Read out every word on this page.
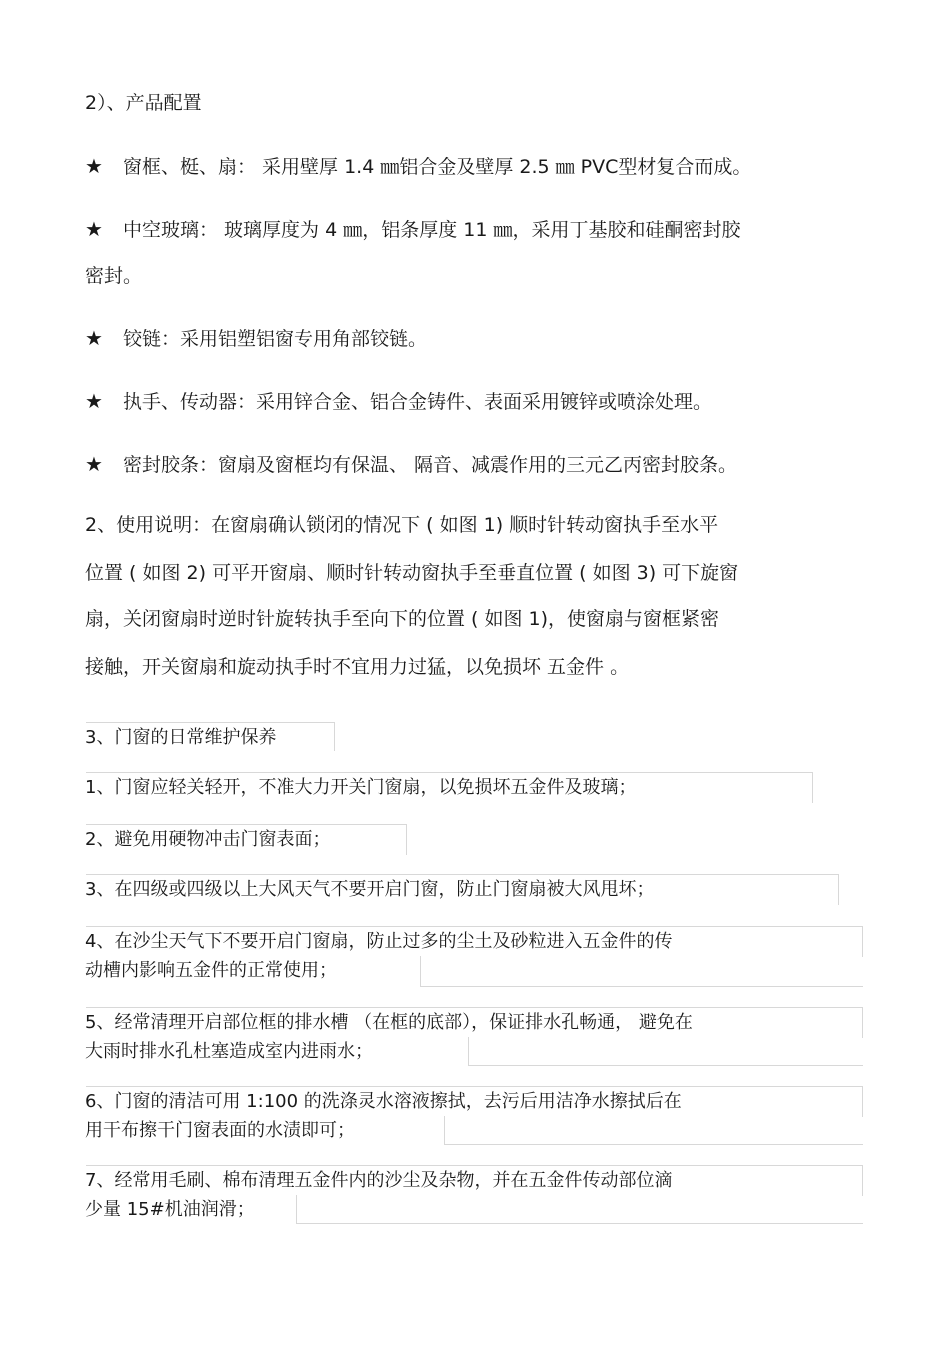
2）、产品配置
★ 窗框、梃、扇： 采用壁厚 1.4 ㎜铝合金及壁厚 2.5 ㎜ PVC型材复合而成。
★ 中空玻璃： 玻璃厚度为 4 ㎜，铝条厚度 11 ㎜，采用丁基胶和硅酮密封胶
密封。
★ 铰链：采用铝塑铝窗专用角部铰链。
★ 执手、传动器：采用锌合金、铝合金铸件、表面采用镀锌或喷涂处理。
★ 密封胶条：窗扇及窗框均有保温、 隔音、减震作用的三元乙丙密封胶条。
2、使用说明：在窗扇确认锁闭的情况下 ( 如图 1) 顺时针转动窗执手至水平
位置 ( 如图 2) 可平开窗扇、顺时针转动窗执手至垂直位置 ( 如图 3) 可下旋窗
扇，关闭窗扇时逆时针旋转执手至向下的位置 ( 如图 1)，使窗扇与窗框紧密
接触，开关窗扇和旋动执手时不宜用力过猛，以免损坏 五金件 。
3、门窗的日常维护保养
1、门窗应轻关轻开，不准大力开关门窗扇，以免损坏五金件及玻璃；
2、避免用硬物冲击门窗表面；
3、在四级或四级以上大风天气不要开启门窗，防止门窗扇被大风甩坏；
4、在沙尘天气下不要开启门窗扇，防止过多的尘土及砂粒进入五金件的传
动槽内影响五金件的正常使用；
5、经常清理开启部位框的排水槽 （在框的底部），保证排水孔畅通， 避免在
大雨时排水孔杜塞造成室内进雨水；
6、门窗的清洁可用 1:100 的洗涤灵水溶液擦拭，去污后用洁净水擦拭后在
用干布擦干门窗表面的水渍即可；
7、经常用毛刷、棉布清理五金件内的沙尘及杂物，并在五金件传动部位滴
少量 15#机油润滑；
